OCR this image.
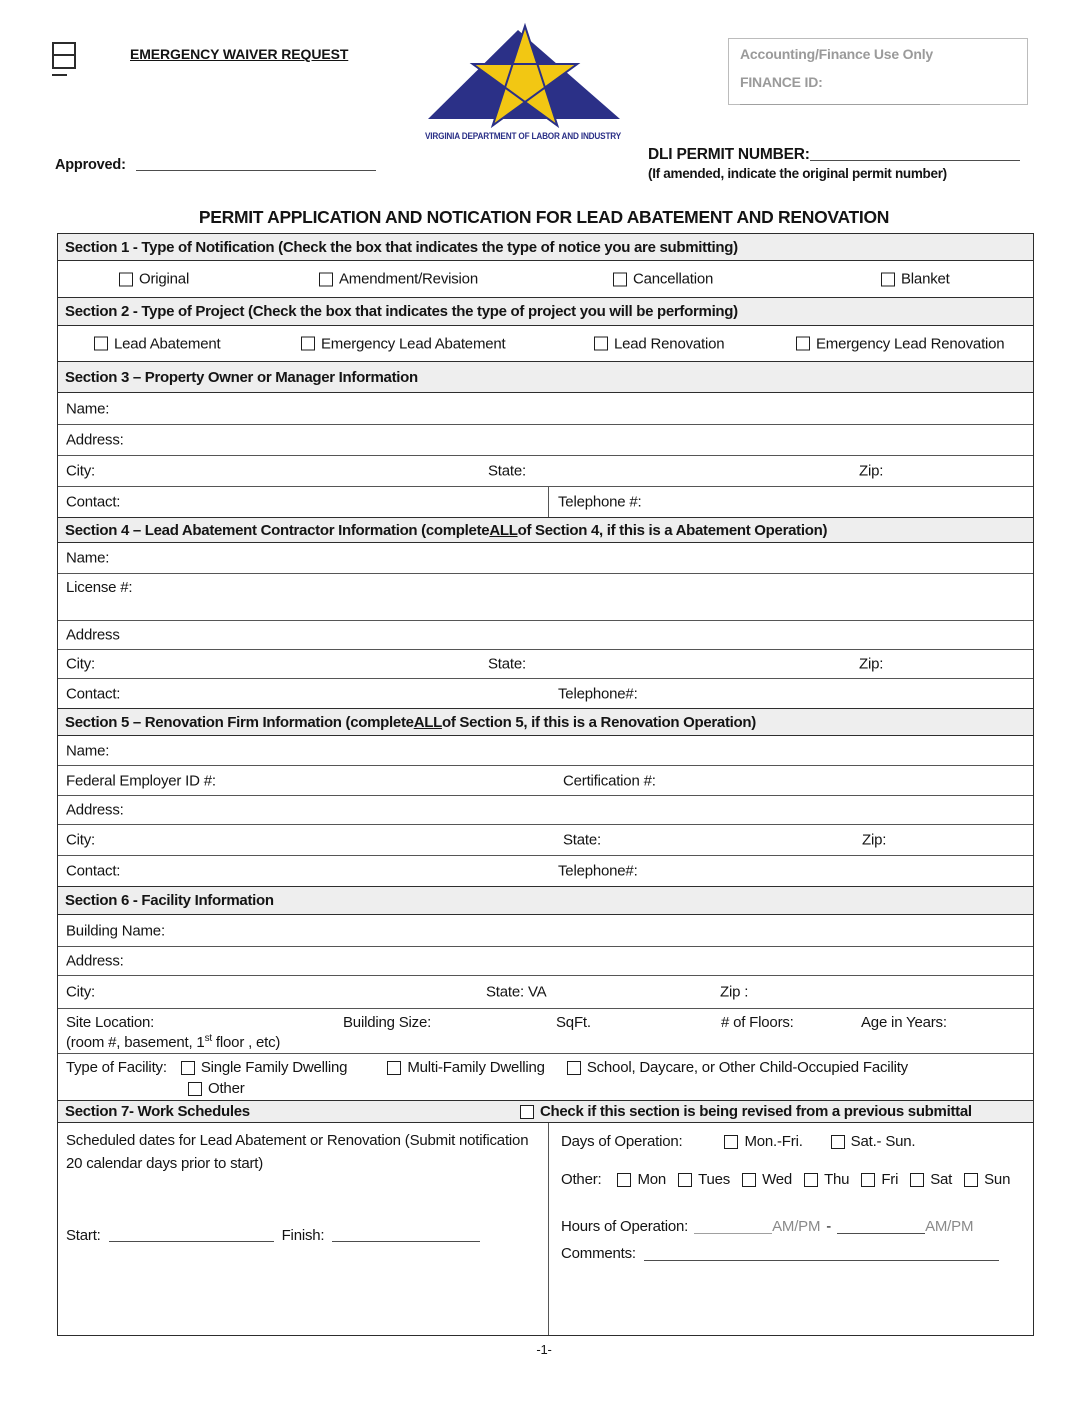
EMERGENCY WAIVER REQUEST
VIRGINIA DEPARTMENT OF LABOR AND INDUSTRY
Accounting/Finance Use Only
FINANCE ID:
Approved:
DLI PERMIT NUMBER:
(If amended, indicate the original permit number)
PERMIT APPLICATION AND NOTICATION FOR LEAD ABATEMENT AND RENOVATION
Section 1 - Type of Notification (Check the box that indicates the type of notice you are submitting)
Original	Amendment/Revision	Cancellation	Blanket
Section 2 - Type of Project (Check the box that indicates the type of project you will be performing)
Lead Abatement	Emergency Lead Abatement	Lead Renovation	Emergency Lead Renovation
Section 3 – Property Owner or Manager Information
Name:
Address:
City:	State:	Zip:
Contact:	Telephone #:
Section 4 – Lead Abatement Contractor Information (complete ALL of Section 4, if this is a Abatement Operation)
Name:
License #:
Address
City:	State:	Zip:
Contact:	Telephone#:
Section 5 – Renovation Firm Information (complete ALL of Section 5, if this is a Renovation Operation)
Name:
Federal Employer ID #:	Certification #:
Address:
City:	State:	Zip:
Contact:	Telephone#:
Section 6 - Facility Information
Building Name:
Address:
City:	State: VA	Zip :
Site Location:	Building Size:	SqFt.	# of Floors:	Age in Years:
(room #, basement, 1st floor , etc)
Type of Facility: Single Family Dwelling	Multi-Family Dwelling	School, Daycare, or Other Child-Occupied Facility
Other
Section 7- Work Schedules	Check if this section is being revised from a previous submittal
Scheduled dates for Lead Abatement or Renovation (Submit notification 20 calendar days prior to start)
Start:	Finish:
Days of Operation:	Mon.-Fri.	Sat.- Sun.
Other: Mon Tues Wed Thu Fri Sat Sun
Hours of Operation:	AM/PM -	AM/PM
Comments:
-1-
